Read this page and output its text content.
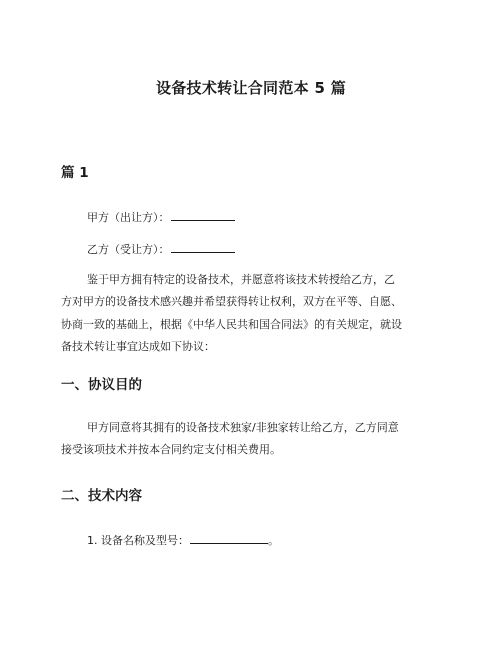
设备技术转让合同范本 5 篇
篇 1

甲方（出让方）：

乙方（受让方）：

鉴于甲方拥有特定的设备技术，并愿意将该技术转授给乙方，乙

方对甲方的设备技术感兴趣并希望获得转让权利，双方在平等、自愿、

协商一致的基础上，根据《中华人民共和国合同法》的有关规定，就设

备技术转让事宜达成如下协议：

一、协议目的

甲方同意将其拥有的设备技术独家/非独家转让给乙方，乙方同意

接受该项技术并按本合同约定支付相关费用。

二、技术内容

1. 设备名称及型号：	。
